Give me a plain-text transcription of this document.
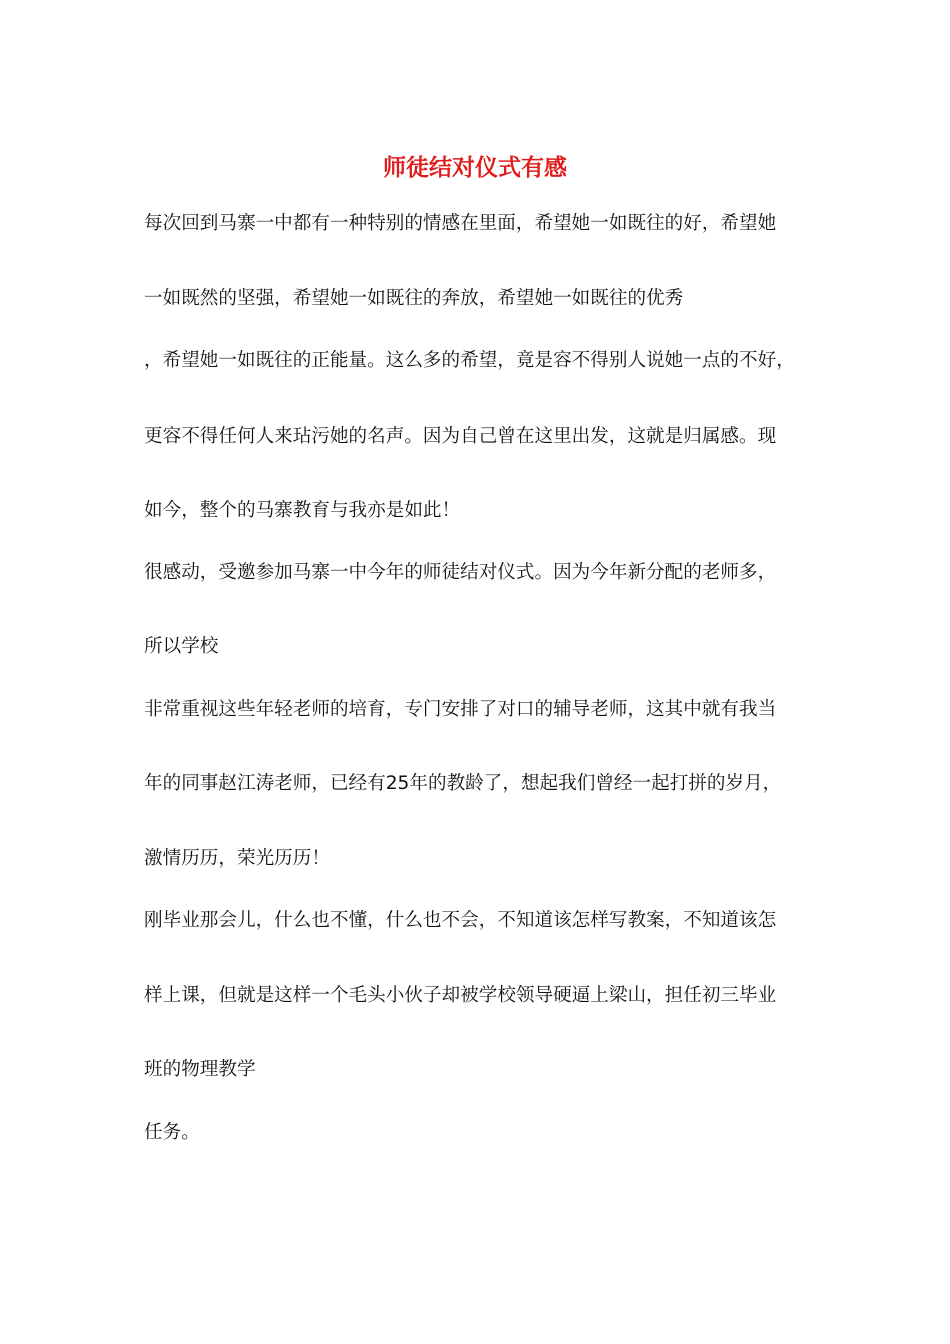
师徒结对仪式有感
每次回到马寨一中都有一种特别的情感在里面，希望她一如既往的好，希望她
一如既然的坚强，希望她一如既往的奔放，希望她一如既往的优秀
，希望她一如既往的正能量。这么多的希望，竟是容不得别人说她一点的不好，
更容不得任何人来玷污她的名声。因为自己曾在这里出发，这就是归属感。现
如今，整个的马寨教育与我亦是如此！
很感动，受邀参加马寨一中今年的师徒结对仪式。因为今年新分配的老师多，
所以学校
非常重视这些年轻老师的培育，专门安排了对口的辅导老师，这其中就有我当
年的同事赵江涛老师，已经有25年的教龄了，想起我们曾经一起打拼的岁月，
激情历历，荣光历历！
刚毕业那会儿，什么也不懂，什么也不会，不知道该怎样写教案，不知道该怎
样上课，但就是这样一个毛头小伙子却被学校领导硬逼上梁山，担任初三毕业
班的物理教学
任务。
